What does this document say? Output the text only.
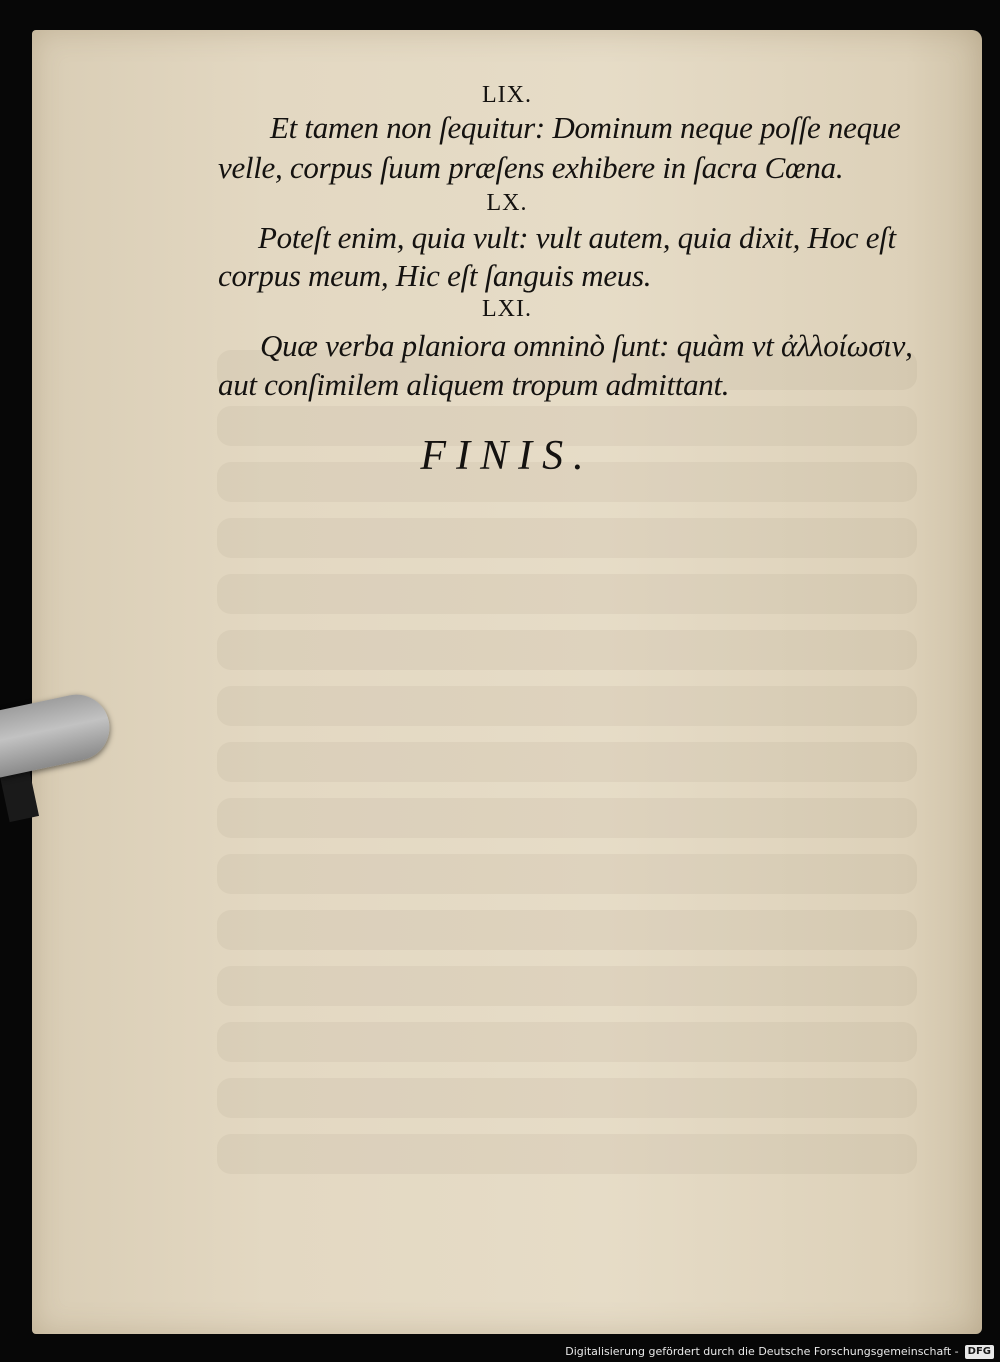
LIX.
Et tamen non ſequitur: Dominum neque poſſe neque
velle, corpus ſuum præſens exhibere in ſacra Cœna.
LX.
Poteſt enim, quia vult: vult autem, quia dixit, Hoc eſt
corpus meum, Hic eſt ſanguis meus.
LXI.
Quæ verba planiora omninò ſunt: quàm vt ἀλλοίωσιν,
aut conſimilem aliquem tropum admittant.
FINIS.
Digitalisierung gefördert durch die Deutsche Forschungsgemeinschaft - DFG
